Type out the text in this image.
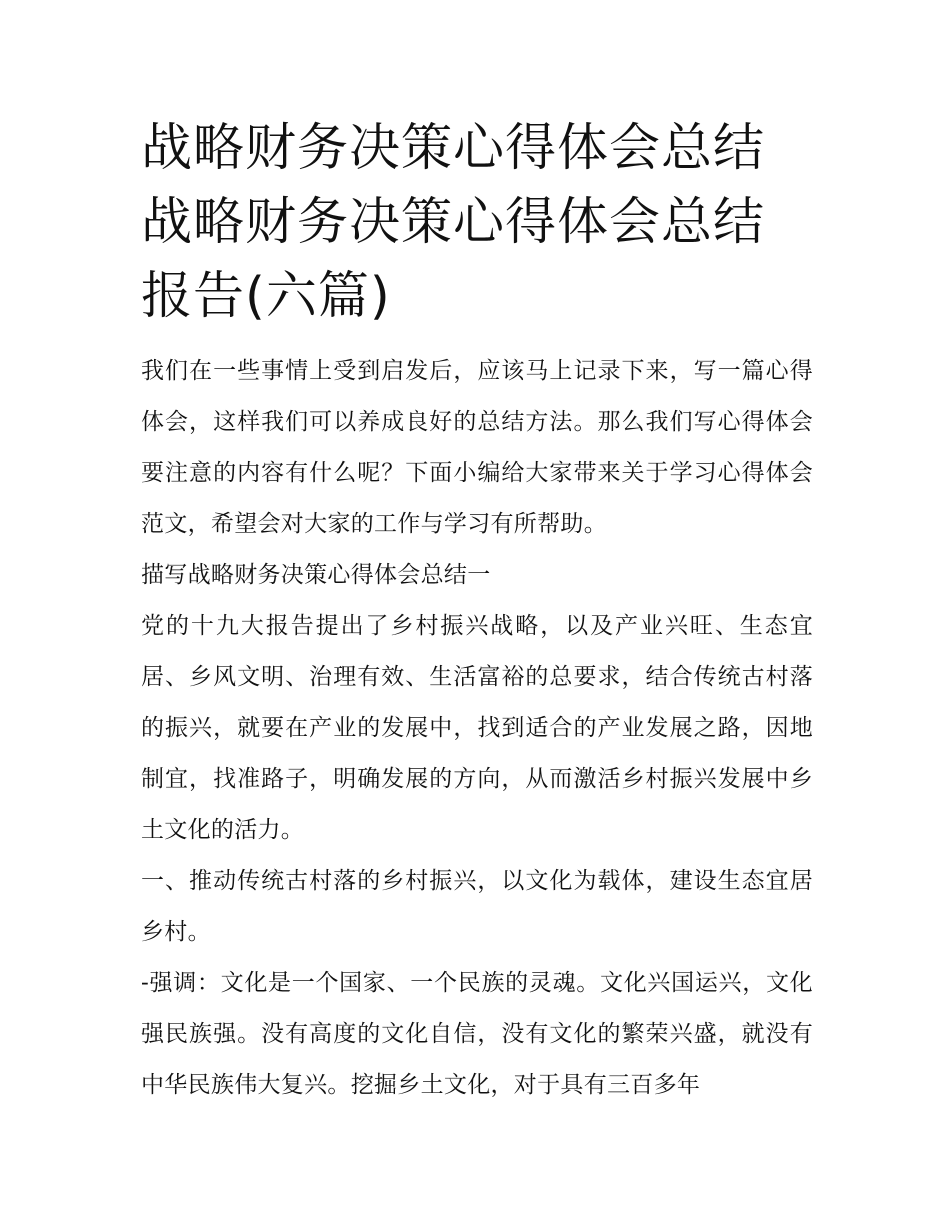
战略财务决策心得体会总结 战略财务决策心得体会总结报告(六篇)

我们在一些事情上受到启发后，应该马上记录下来，写一篇心得体会，这样我们可以养成良好的总结方法。那么我们写心得体会要注意的内容有什么呢？下面小编给大家带来关于学习心得体会范文，希望会对大家的工作与学习有所帮助。

描写战略财务决策心得体会总结一

党的十九大报告提出了乡村振兴战略，以及产业兴旺、生态宜居、乡风文明、治理有效、生活富裕的总要求，结合传统古村落的振兴，就要在产业的发展中，找到适合的产业发展之路，因地制宜，找准路子，明确发展的方向，从而激活乡村振兴发展中乡土文化的活力。

一、推动传统古村落的乡村振兴，以文化为载体，建设生态宜居乡村。

-强调：文化是一个国家、一个民族的灵魂。文化兴国运兴，文化强民族强。没有高度的文化自信，没有文化的繁荣兴盛，就没有中华民族伟大复兴。挖掘乡土文化，对于具有三百多年
